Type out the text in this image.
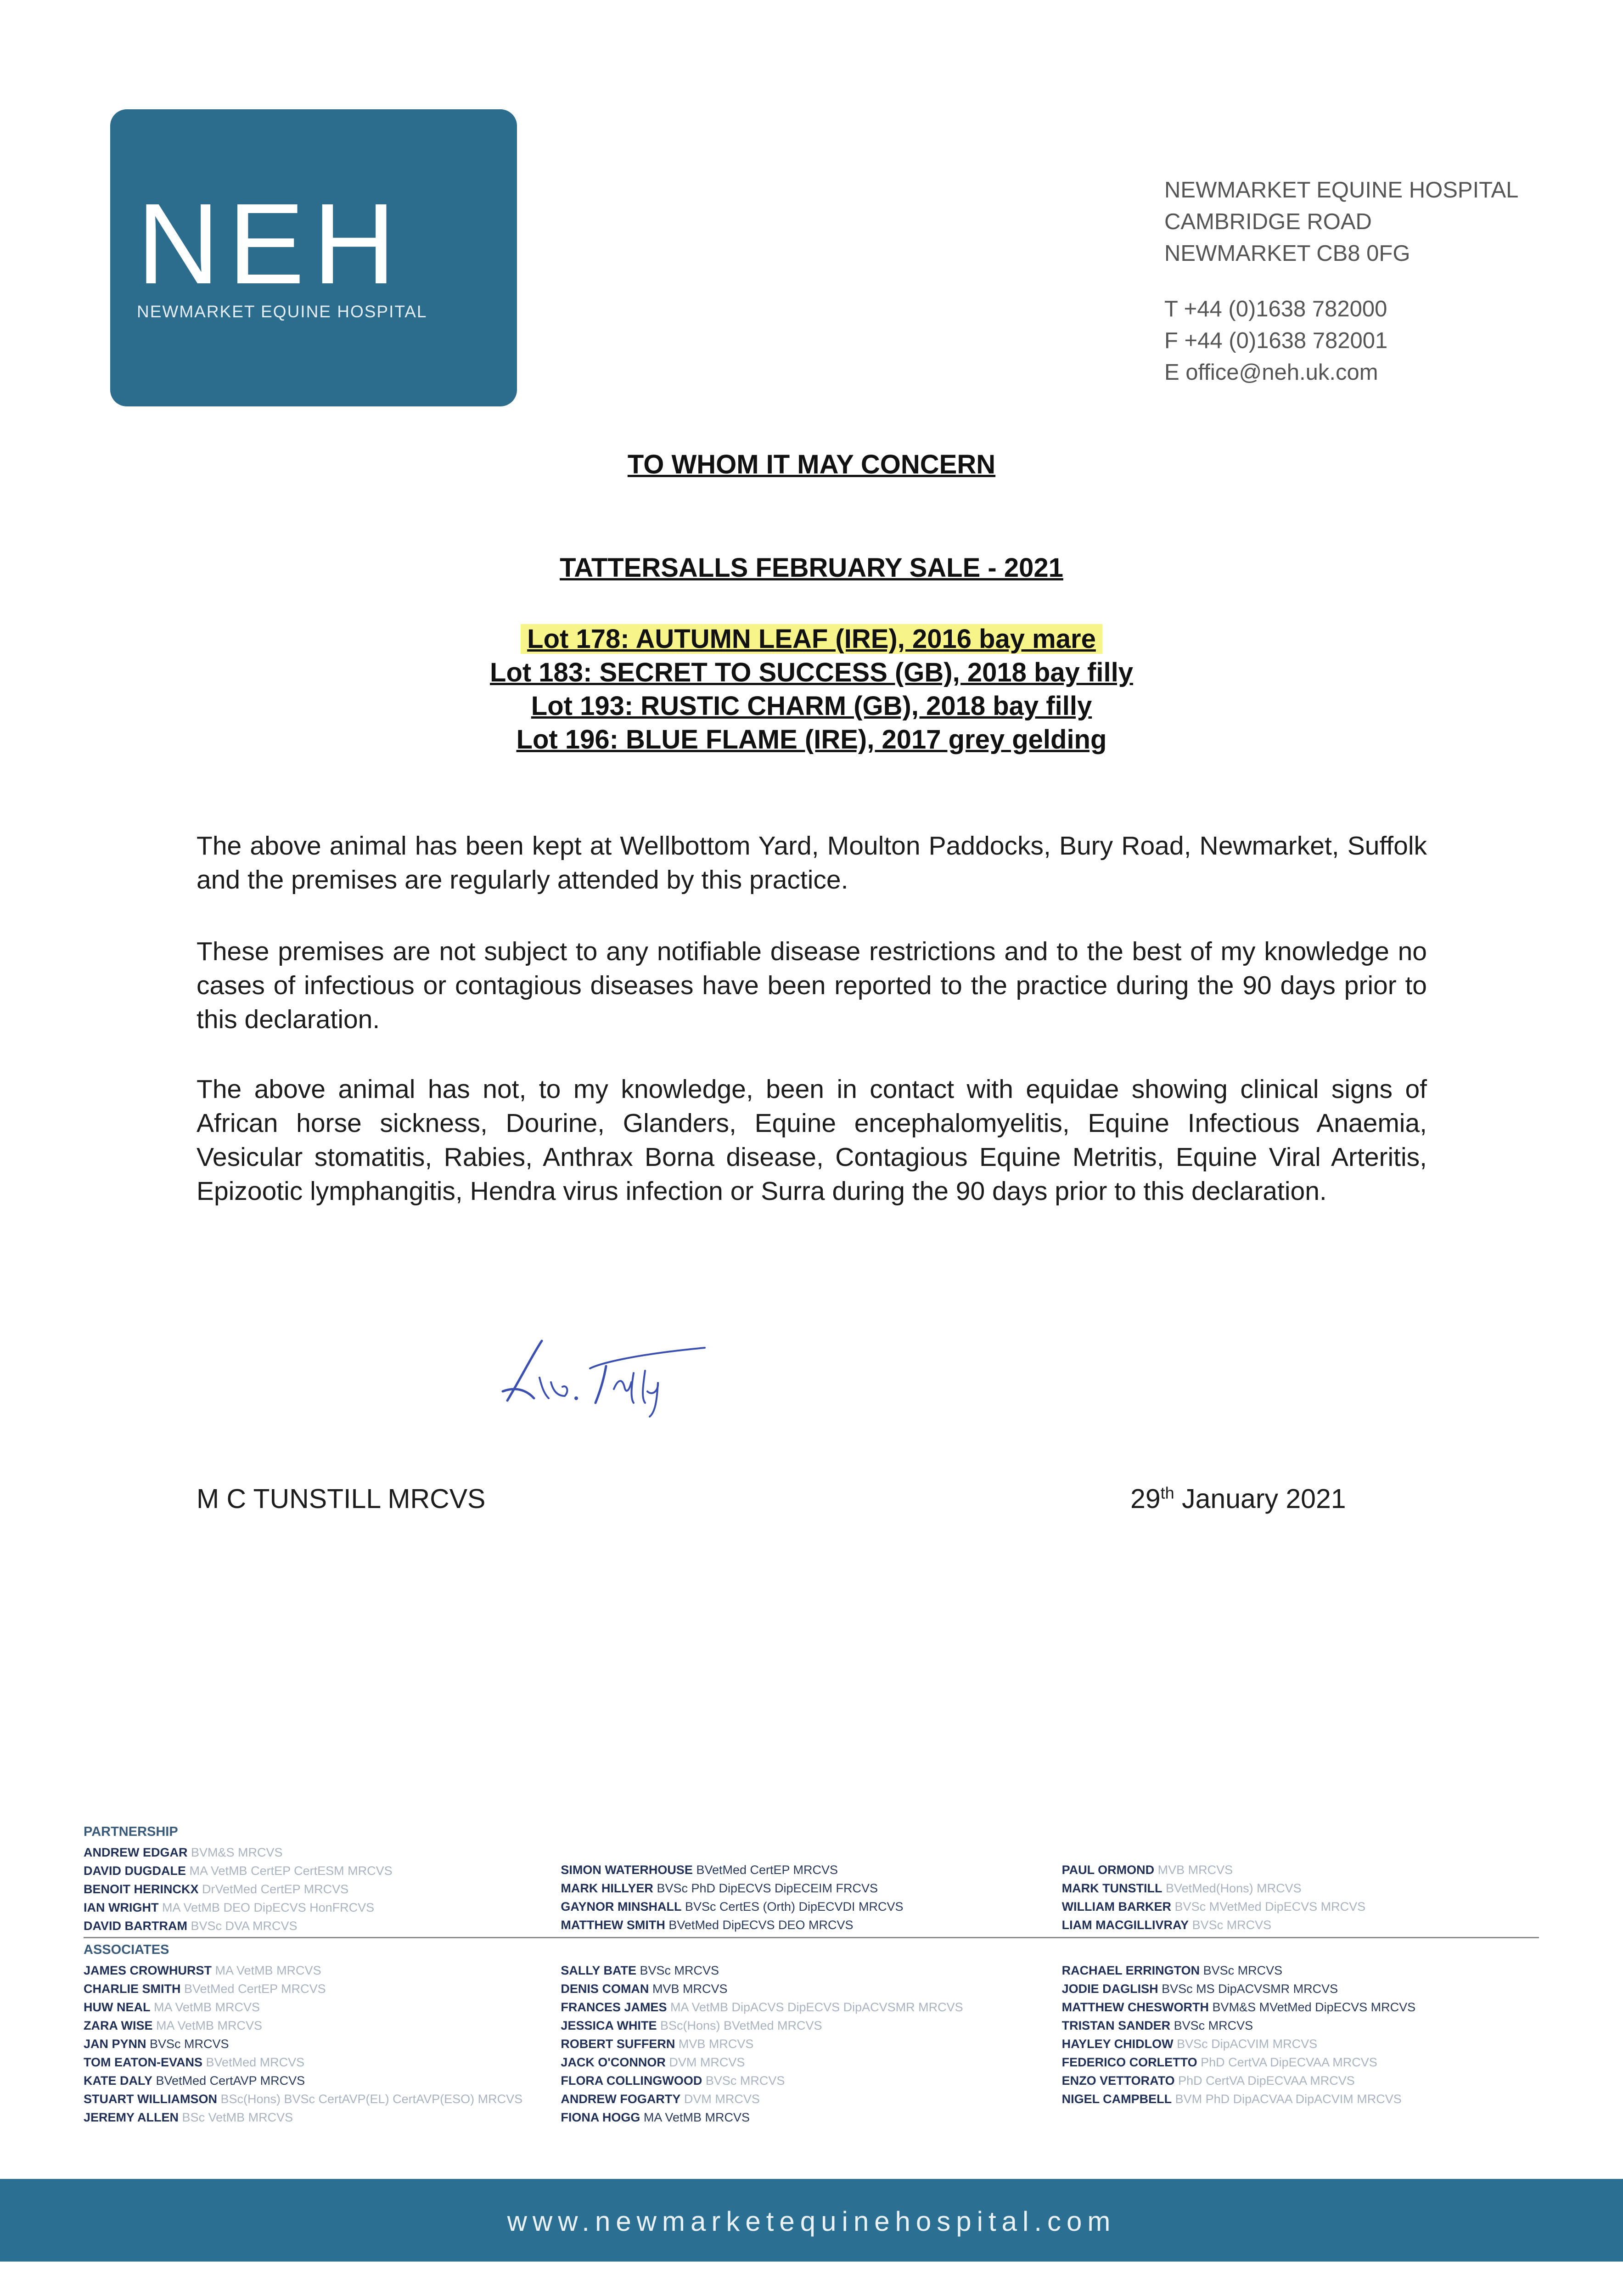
NEH
NEWMARKET EQUINE HOSPITAL
NEWMARKET EQUINE HOSPITAL
CAMBRIDGE ROAD
NEWMARKET CB8 0FG
T +44 (0)1638 782000
F +44 (0)1638 782001
E office@neh.uk.com
TO WHOM IT MAY CONCERN
TATTERSALLS FEBRUARY SALE - 2021
Lot 178: AUTUMN LEAF (IRE), 2016 bay mare
Lot 183: SECRET TO SUCCESS (GB), 2018 bay filly
Lot 193: RUSTIC CHARM (GB), 2018 bay filly
Lot 196: BLUE FLAME (IRE), 2017 grey gelding
The above animal has been kept at Wellbottom Yard, Moulton Paddocks, Bury Road, Newmarket, Suffolk and the premises are regularly attended by this practice.
These premises are not subject to any notifiable disease restrictions and to the best of my knowledge no cases of infectious or contagious diseases have been reported to the practice during the 90 days prior to this declaration.
The above animal has not, to my knowledge, been in contact with equidae showing clinical signs of African horse sickness, Dourine, Glanders, Equine encephalomyelitis, Equine Infectious Anaemia, Vesicular stomatitis, Rabies, Anthrax Borna disease, Contagious Equine Metritis, Equine Viral Arteritis, Epizootic lymphangitis, Hendra virus infection or Surra during the 90 days prior to this declaration.
M C TUNSTILL MRCVS	29th January 2021
PARTNERSHIP
ANDREW EDGAR BVM&S MRCVS
DAVID DUGDALE MA VetMB CertEP CertESM MRCVS
BENOIT HERINCKX DrVetMed CertEP MRCVS
IAN WRIGHT MA VetMB DEO DipECVS HonFRCVS
DAVID BARTRAM BVSc DVA MRCVS
SIMON WATERHOUSE BVetMed CertEP MRCVS
MARK HILLYER BVSc PhD DipECVS DipECEIM FRCVS
GAYNOR MINSHALL BVSc CertES (Orth) DipECVDI MRCVS
MATTHEW SMITH BVetMed DipECVS DEO MRCVS
PAUL ORMOND MVB MRCVS
MARK TUNSTILL BVetMed(Hons) MRCVS
WILLIAM BARKER BVSc MVetMed DipECVS MRCVS
LIAM MACGILLIVRAY BVSc MRCVS
ASSOCIATES
JAMES CROWHURST MA VetMB MRCVS
CHARLIE SMITH BVetMed CertEP MRCVS
HUW NEAL MA VetMB MRCVS
ZARA WISE MA VetMB MRCVS
JAN PYNN BVSc MRCVS
TOM EATON-EVANS BVetMed MRCVS
KATE DALY BVetMed CertAVP MRCVS
STUART WILLIAMSON BSc(Hons) BVSc CertAVP(EL) CertAVP(ESO) MRCVS
JEREMY ALLEN BSc VetMB MRCVS
SALLY BATE BVSc MRCVS
DENIS COMAN MVB MRCVS
FRANCES JAMES MA VetMB DipACVS DipECVS DipACVSMR MRCVS
JESSICA WHITE BSc(Hons) BVetMed MRCVS
ROBERT SUFFERN MVB MRCVS
JACK O'CONNOR DVM MRCVS
FLORA COLLINGWOOD BVSc MRCVS
ANDREW FOGARTY DVM MRCVS
FIONA HOGG MA VetMB MRCVS
RACHAEL ERRINGTON BVSc MRCVS
JODIE DAGLISH BVSc MS DipACVSMR MRCVS
MATTHEW CHESWORTH BVM&S MVetMed DipECVS MRCVS
TRISTAN SANDER BVSc MRCVS
HAYLEY CHIDLOW BVSc DipACVIM MRCVS
FEDERICO CORLETTO PhD CertVA DipECVAA MRCVS
ENZO VETTORATO PhD CertVA DipECVAA MRCVS
NIGEL CAMPBELL BVM PhD DipACVAA DipACVIM MRCVS
www.newmarketequinehospital.com
